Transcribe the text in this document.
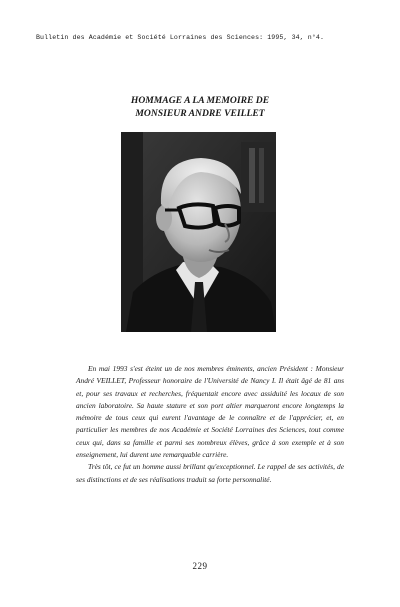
Bulletin des Académie et Société Lorraines des Sciences: 1995, 34, n°4.
HOMMAGE A LA MEMOIRE DE
MONSIEUR ANDRE VEILLET

En mai 1993 s'est éteint un de nos membres éminents, ancien Président : Monsieur André VEILLET, Professeur honoraire de l'Université de Nancy I. Il était âgé de 81 ans et, pour ses travaux et recherches, fréquentait encore avec assiduité les locaux de son ancien laboratoire. Sa haute stature et son port altier marqueront encore longtemps la mémoire de tous ceux qui eurent l'avantage de le connaître et de l'apprécier, et, en particulier les membres de nos Académie et Société Lorraines des Sciences, tout comme ceux qui, dans sa famille et parmi ses nombreux élèves, grâce à son exemple et à son enseignement, lui durent une remarquable carrière.

Très tôt, ce fut un homme aussi brillant qu'exceptionnel. Le rappel de ses activités, de ses distinctions et de ses réalisations traduit sa forte personnalité.

229
